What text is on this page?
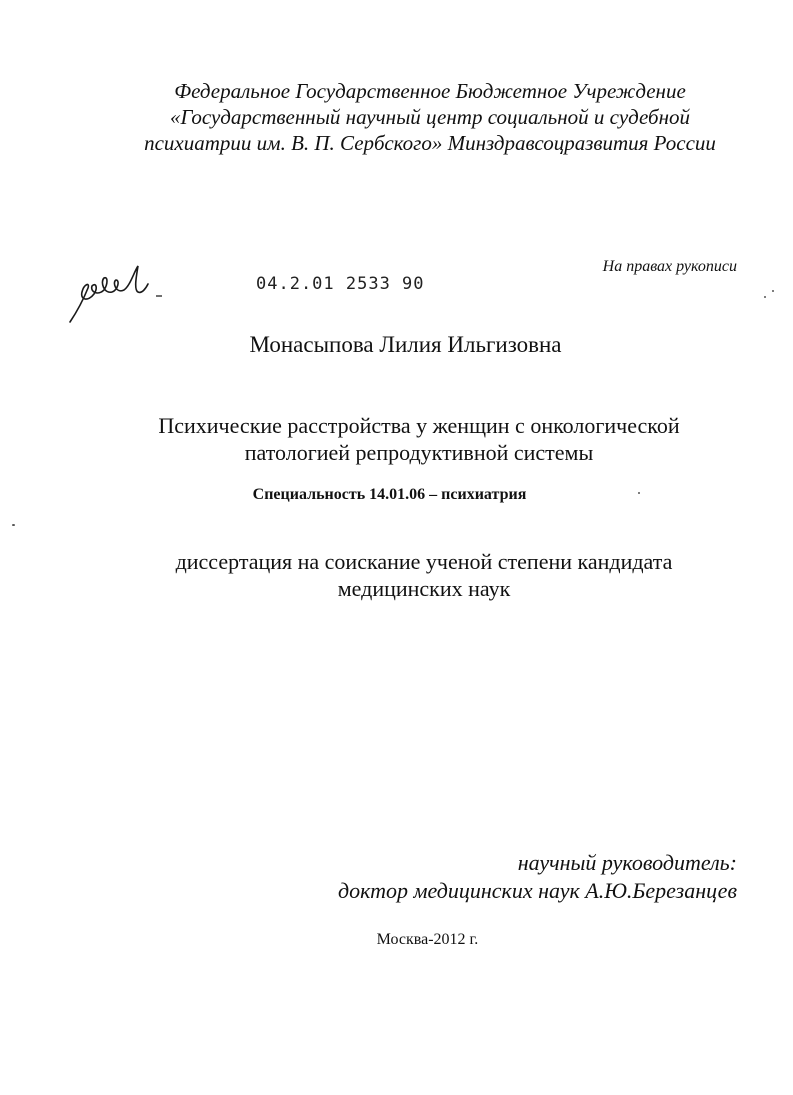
Федеральное Государственное Бюджетное Учреждение
«Государственный научный центр социальной и судебной
психиатрии им. В. П. Сербского» Минздравсоцразвития России
04.2.01 2533 90
На правах рукописи
Монасыпова Лилия Ильгизовна
Психические расстройства у женщин с онкологической
патологией репродуктивной системы
Специальность 14.01.06 – психиатрия
диссертация на соискание ученой степени кандидата
медицинских наук
научный руководитель:
доктор медицинских наук А.Ю.Березанцев
Москва-2012 г.
